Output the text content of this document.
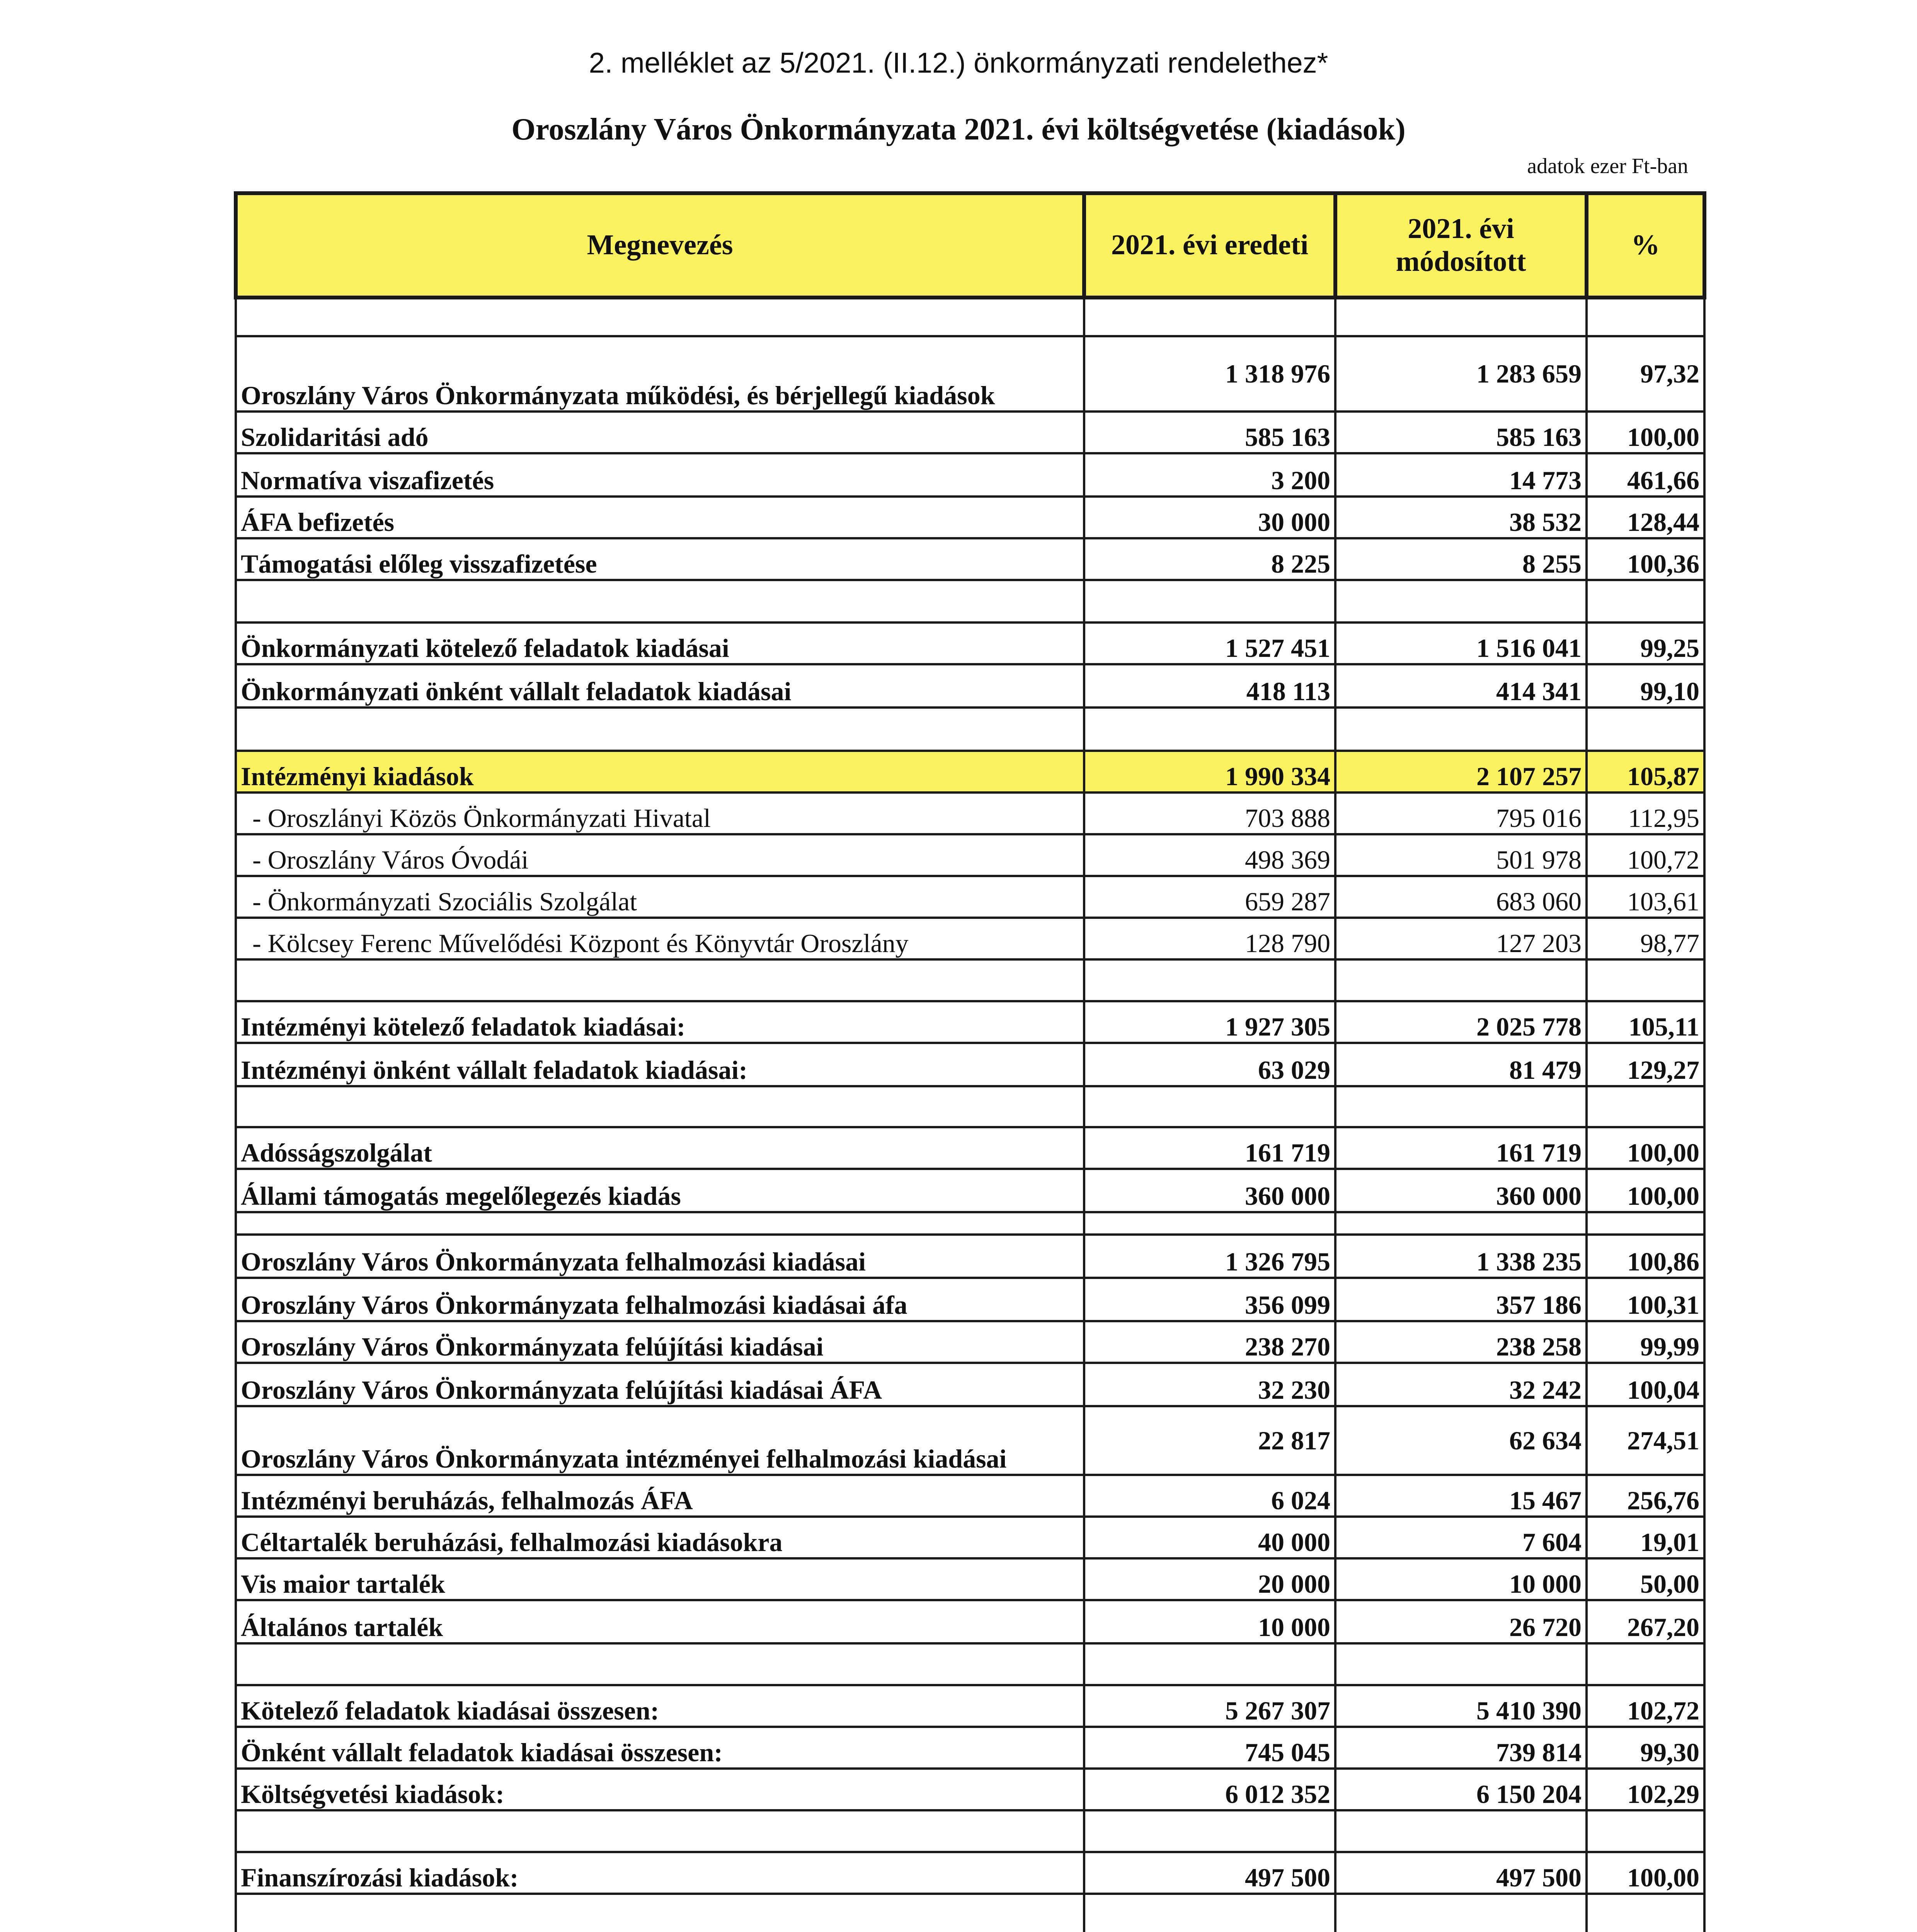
2. melléklet az 5/2021. (II.12.) önkormányzati rendelethez*
Oroszlány Város Önkormányzata 2021. évi költségvetése (kiadások)
adatok ezer Ft-ban
Megnevezés	2021. évi eredeti	2021. évi módosított	%

Oroszlány Város Önkormányzata működési, és bérjellegű kiadások	1 318 976	1 283 659	97,32
Szolidaritási adó	585 163	585 163	100,00
Normatíva viszafizetés	3 200	14 773	461,66
ÁFA befizetés	30 000	38 532	128,44
Támogatási előleg visszafizetése	8 225	8 255	100,36

Önkormányzati kötelező feladatok kiadásai	1 527 451	1 516 041	99,25
Önkormányzati önként vállalt feladatok kiadásai	418 113	414 341	99,10

Intézményi kiadások	1 990 334	2 107 257	105,87
- Oroszlányi Közös Önkormányzati Hivatal	703 888	795 016	112,95
- Oroszlány Város Óvodái	498 369	501 978	100,72
- Önkormányzati Szociális Szolgálat	659 287	683 060	103,61
- Kölcsey Ferenc Művelődési Központ és Könyvtár Oroszlány	128 790	127 203	98,77

Intézményi kötelező feladatok kiadásai:	1 927 305	2 025 778	105,11
Intézményi önként vállalt feladatok kiadásai:	63 029	81 479	129,27

Adósságszolgálat	161 719	161 719	100,00
Állami támogatás megelőlegezés kiadás	360 000	360 000	100,00

Oroszlány Város Önkormányzata felhalmozási kiadásai	1 326 795	1 338 235	100,86
Oroszlány Város Önkormányzata felhalmozási kiadásai áfa	356 099	357 186	100,31
Oroszlány Város Önkormányzata felújítási kiadásai	238 270	238 258	99,99
Oroszlány Város Önkormányzata felújítási kiadásai ÁFA	32 230	32 242	100,04
Oroszlány Város Önkormányzata intézményei felhalmozási kiadásai	22 817	62 634	274,51
Intézményi beruházás, felhalmozás ÁFA	6 024	15 467	256,76
Céltartalék beruházási, felhalmozási kiadásokra	40 000	7 604	19,01
Vis maior tartalék	20 000	10 000	50,00
Általános tartalék	10 000	26 720	267,20

Kötelező feladatok kiadásai összesen:	5 267 307	5 410 390	102,72
Önként vállalt feladatok kiadásai összesen:	745 045	739 814	99,30
Költségvetési kiadások:	6 012 352	6 150 204	102,29

Finanszírozási kiadások:	497 500	497 500	100,00
